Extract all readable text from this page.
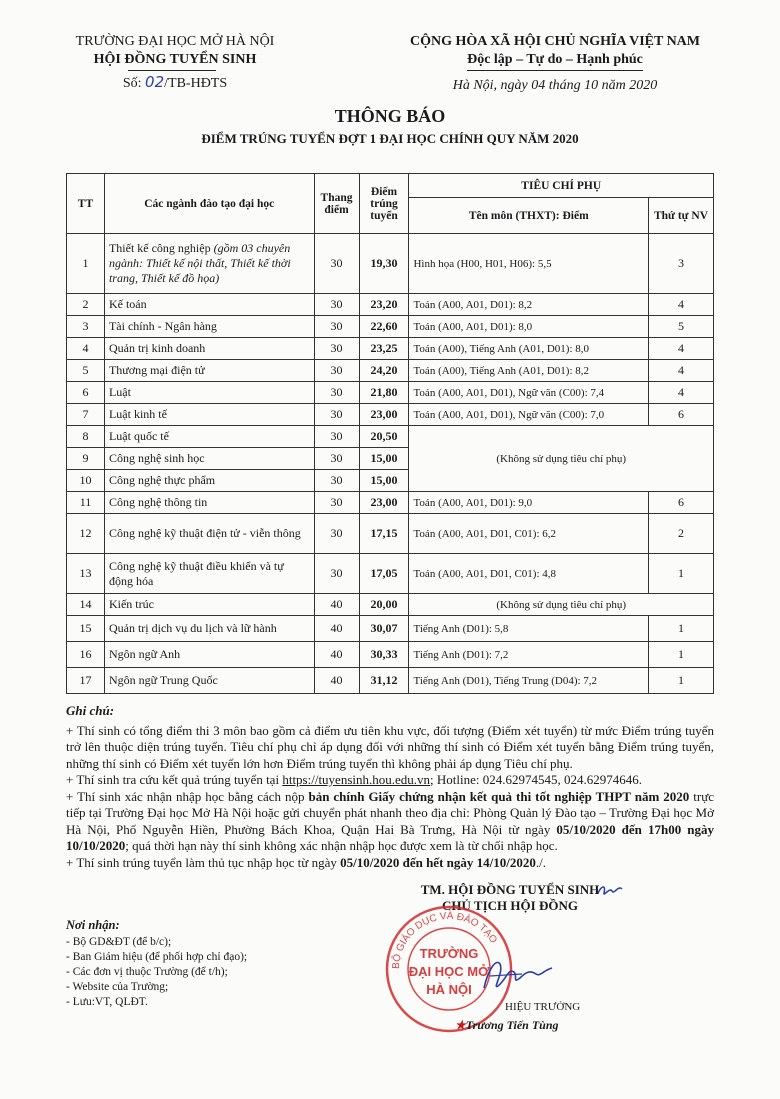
TRƯỜNG ĐẠI HỌC MỞ HÀ NỘI
HỘI ĐỒNG TUYỂN SINH
Số: 02/TB-HĐTS
CỘNG HÒA XÃ HỘI CHỦ NGHĨA VIỆT NAM
Độc lập – Tự do – Hạnh phúc
Hà Nội, ngày 04 tháng 10 năm 2020
THÔNG BÁO
ĐIỂM TRÚNG TUYỂN ĐỢT 1 ĐẠI HỌC CHÍNH QUY NĂM 2020
TT	Các ngành đào tạo đại học	Thang điểm	Điểm trúng tuyển	TIÊU CHÍ PHỤ	
				Tên môn (THXT): Điểm	Thứ tự NV
1	Thiết kế công nghiệp (gồm 03 chuyên ngành: Thiết kế nội thất, Thiết kế thời trang, Thiết kế đồ họa)	30	19,30	Hình họa (H00, H01, H06): 5,5	3
2	Kế toán	30	23,20	Toán (A00, A01, D01): 8,2	4
3	Tài chính - Ngân hàng	30	22,60	Toán (A00, A01, D01): 8,0	5
4	Quản trị kinh doanh	30	23,25	Toán (A00), Tiếng Anh (A01, D01): 8,0	4
5	Thương mại điện tử	30	24,20	Toán (A00), Tiếng Anh (A01, D01): 8,2	4
6	Luật	30	21,80	Toán (A00, A01, D01), Ngữ văn (C00): 7,4	4
7	Luật kinh tế	30	23,00	Toán (A00, A01, D01), Ngữ văn (C00): 7,0	6
8	Luật quốc tế	30	20,50	(Không sử dụng tiêu chí phụ)	
9	Công nghệ sinh học	30	15,00		
10	Công nghệ thực phẩm	30	15,00		
11	Công nghệ thông tin	30	23,00	Toán (A00, A01, D01): 9,0	6
12	Công nghệ kỹ thuật điện tử - viễn thông	30	17,15	Toán (A00, A01, D01, C01): 6,2	2
13	Công nghệ kỹ thuật điều khiển và tự động hóa	30	17,05	Toán (A00, A01, D01, C01): 4,8	1
14	Kiến trúc	40	20,00	(Không sử dụng tiêu chí phụ)	
15	Quản trị dịch vụ du lịch và lữ hành	40	30,07	Tiếng Anh (D01): 5,8	1
16	Ngôn ngữ Anh	40	30,33	Tiếng Anh (D01): 7,2	1
17	Ngôn ngữ Trung Quốc	40	31,12	Tiếng Anh (D01), Tiếng Trung (D04): 7,2	1

Ghi chú:

+ Thí sinh có tổng điểm thi 3 môn bao gồm cả điểm ưu tiên khu vực, đối tượng (Điểm xét tuyển) từ mức Điểm trúng tuyển trở lên thuộc diện trúng tuyển. Tiêu chí phụ chỉ áp dụng đối với những thí sinh có Điểm xét tuyển bằng Điểm trúng tuyển, những thí sinh có Điểm xét tuyển lớn hơn Điểm trúng tuyển thì không phải áp dụng Tiêu chí phụ.

+ Thí sinh tra cứu kết quả trúng tuyển tại https://tuyensinh.hou.edu.vn; Hotline: 024.62974545, 024.62974646.

+ Thí sinh xác nhận nhập học bằng cách nộp bản chính Giấy chứng nhận kết quả thi tốt nghiệp THPT năm 2020 trực tiếp tại Trường Đại học Mở Hà Nội hoặc gửi chuyển phát nhanh theo địa chỉ: Phòng Quản lý Đào tạo – Trường Đại học Mở Hà Nội, Phố Nguyễn Hiền, Phường Bách Khoa, Quận Hai Bà Trưng, Hà Nội từ ngày 05/10/2020 đến 17h00 ngày 10/10/2020; quá thời hạn này thí sinh không xác nhận nhập học được xem là từ chối nhập học.

+ Thí sinh trúng tuyển làm thủ tục nhập học từ ngày 05/10/2020 đến hết ngày 14/10/2020./.

Nơi nhận:
- Bộ GD&ĐT (để b/c);
- Ban Giám hiệu (để phối hợp chỉ đạo);
- Các đơn vị thuộc Trường (để t/h);
- Website của Trường;
- Lưu:VT, QLĐT.
TM. HỘI ĐỒNG TUYỂN SINH
CHỦ TỊCH HỘI ĐỒNG
BỘ GIÁO DỤC VÀ ĐÀO TẠO
TRƯỜNG
ĐẠI HỌC MỞ
HÀ NỘI
HIỆU TRƯỞNG
★Trương Tiến Tùng
